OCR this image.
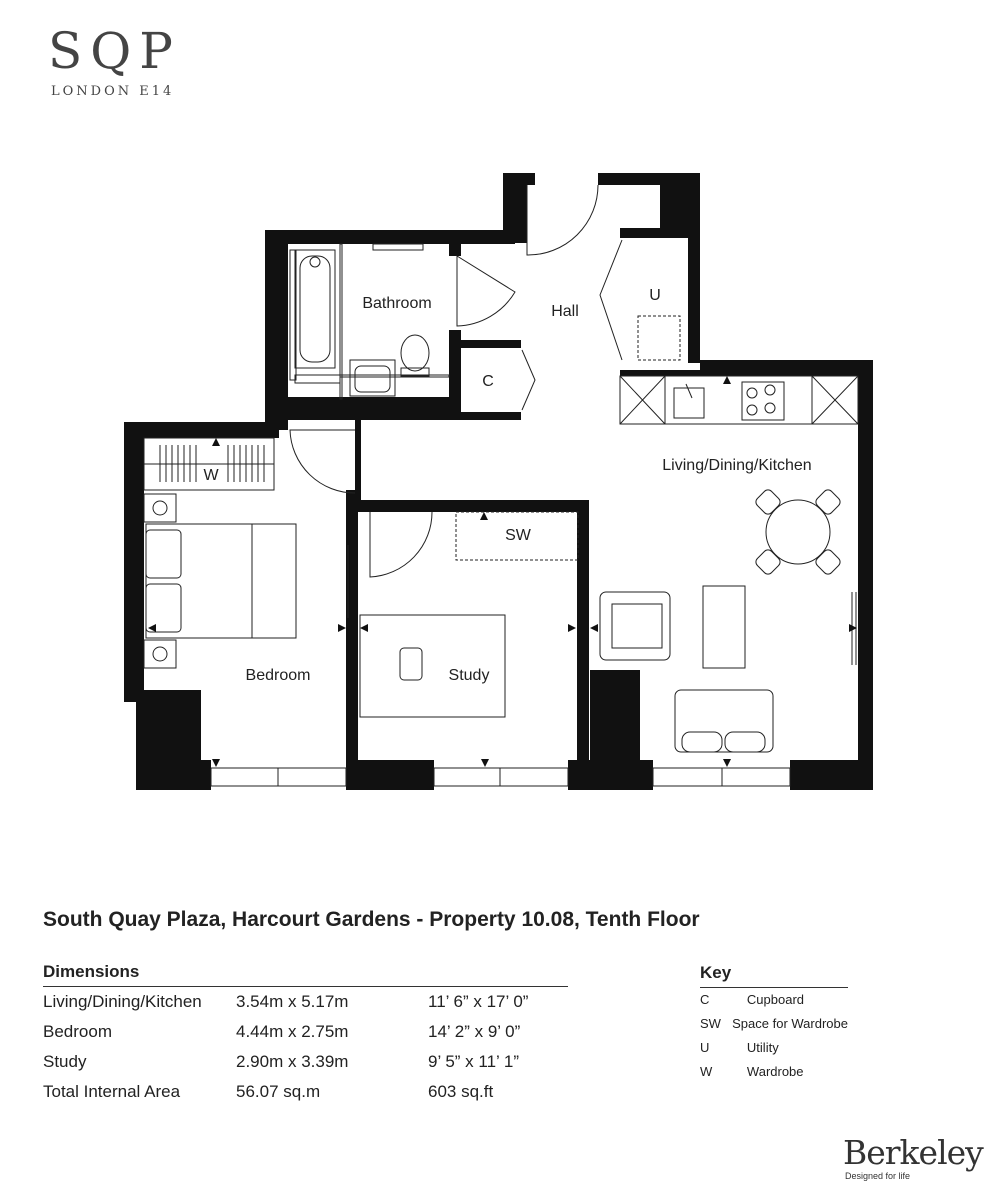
SQP
LONDON E14
Bathroom	Hall
U
C
Living/Dining/Kitchen
W
SW
Bedroom	Study
South Quay Plaza, Harcourt Gardens - Property 10.08, Tenth Floor
Dimensions
Living/Dining/Kitchen	3.54m x 5.17m	11’ 6” x 17’ 0”
Bedroom	4.44m x 2.75m	14’ 2” x 9’ 0”
Study	2.90m x 3.39m	9’ 5” x 11’ 1”
Total Internal Area	56.07 sq.m	603 sq.ft
Key
C	Cupboard
SW Space for Wardrobe
U	Utility
W	Wardrobe
Berkeley
Designed for life
